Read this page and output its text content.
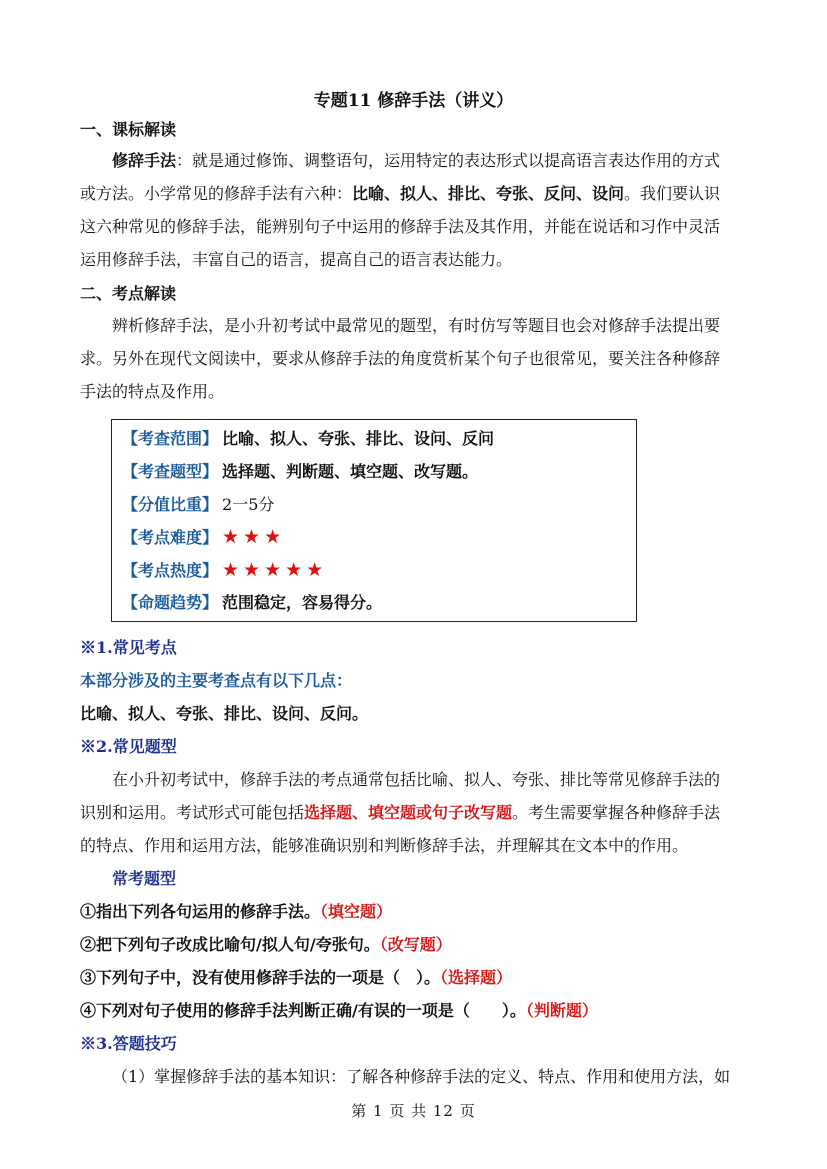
专题11 修辞手法（讲义）
一、课标解读
修辞手法：就是通过修饰、调整语句，运用特定的表达形式以提高语言表达作用的方式
或方法。小学常见的修辞手法有六种：比喻、拟人、排比、夸张、反问、设问。我们要认识
这六种常见的修辞手法，能辨别句子中运用的修辞手法及其作用，并能在说话和习作中灵活
运用修辞手法，丰富自己的语言，提高自己的语言表达能力。
二、考点解读
辨析修辞手法，是小升初考试中最常见的题型，有时仿写等题目也会对修辞手法提出要
求。另外在现代文阅读中，要求从修辞手法的角度赏析某个句子也很常见，要关注各种修辞
手法的特点及作用。
【考查范围】 比喻、拟人、夸张、排比、设问、反问
【考查题型】 选择题、判断题、填空题、改写题。
【分值比重】 2一5分
【考点难度】 ★★★
【考点热度】 ★★★★★
【命题趋势】 范围稳定，容易得分。
※1.常见考点
本部分涉及的主要考查点有以下几点：
比喻、拟人、夸张、排比、设问、反问。
※2.常见题型
在小升初考试中，修辞手法的考点通常包括比喻、拟人、夸张、排比等常见修辞手法的
识别和运用。考试形式可能包括选择题、填空题或句子改写题。考生需要掌握各种修辞手法
的特点、作用和运用方法，能够准确识别和判断修辞手法，并理解其在文本中的作用。
常考题型
①指出下列各句运用的修辞手法。（填空题）
②把下列句子改成比喻句/拟人句/夸张句。（改写题）
③下列句子中，没有使用修辞手法的一项是（　）。（选择题）
④下列对句子使用的修辞手法判断正确/有误的一项是（　　）。（判断题）
※3.答题技巧
（1）掌握修辞手法的基本知识：了解各种修辞手法的定义、特点、作用和使用方法，如
第 1 页 共 12 页
